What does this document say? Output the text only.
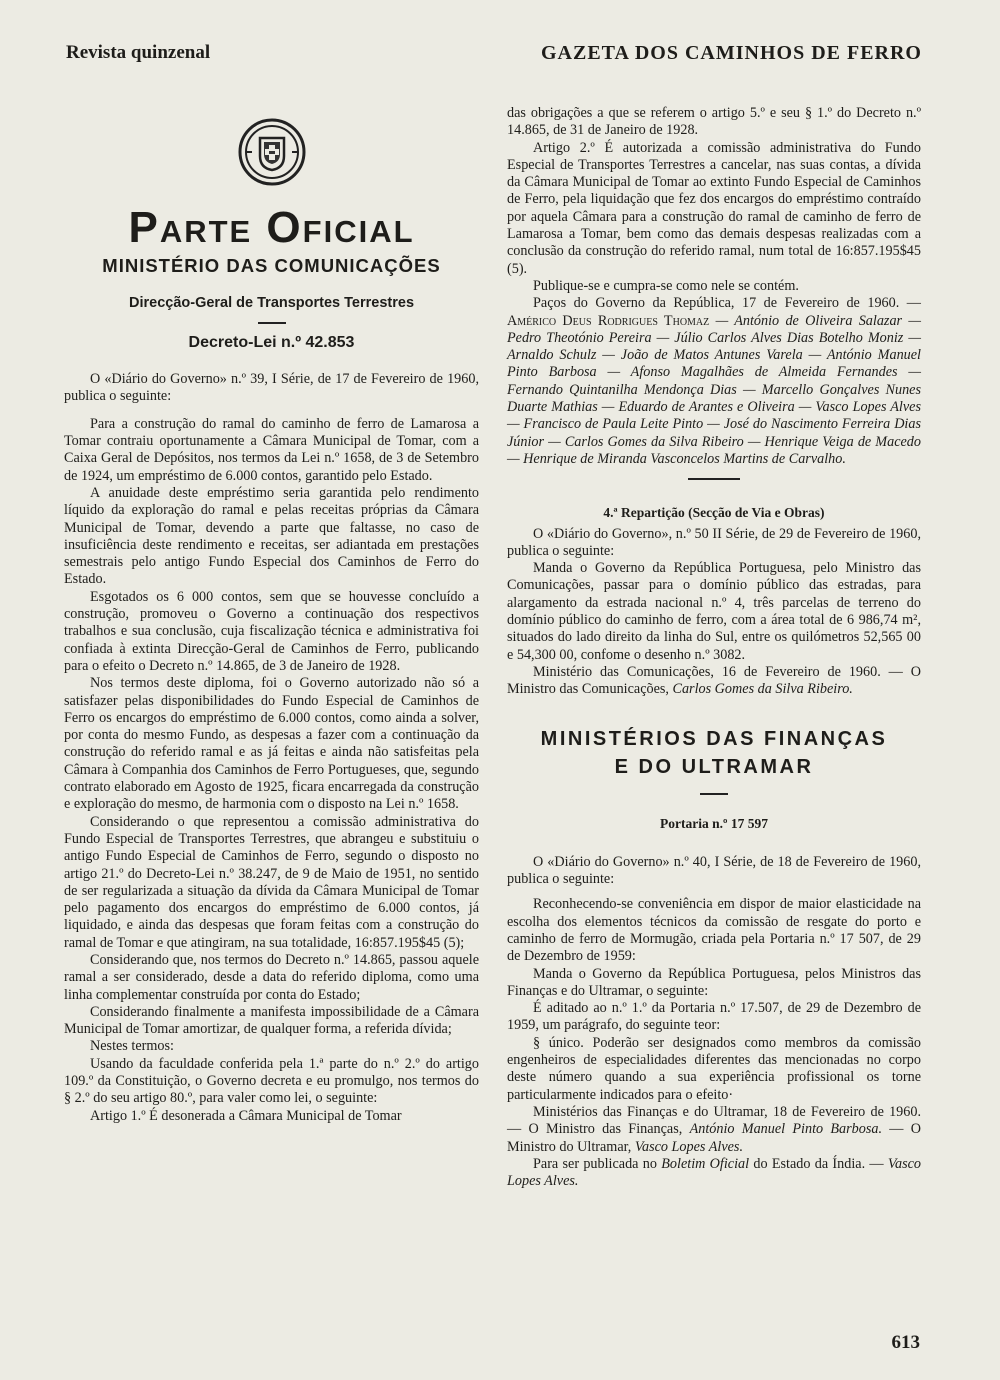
Revista quinzenal	GAZETA DOS CAMINHOS DE FERRO
Parte Oficial
MINISTÉRIO DAS COMUNICAÇÕES
Direcção-Geral de Transportes Terrestres
Decreto-Lei n.º 42.853

O «Diário do Governo» n.º 39, I Série, de 17 de Fevereiro de 1960, publica o seguinte:

Para a construção do ramal do caminho de ferro de Lamarosa a Tomar contraiu oportunamente a Câmara Municipal de Tomar, com a Caixa Geral de Depósitos, nos termos da Lei n.º 1658, de 3 de Setembro de 1924, um empréstimo de 6.000 contos, garantido pelo Estado.

A anuidade deste empréstimo seria garantida pelo rendimento líquido da exploração do ramal e pelas receitas próprias da Câmara Municipal de Tomar, devendo a parte que faltasse, no caso de insuficiência deste rendimento e receitas, ser adiantada em prestações semestrais pelo antigo Fundo Especial dos Caminhos de Ferro do Estado.

Esgotados os 6 000 contos, sem que se houvesse concluído a construção, promoveu o Governo a continuação dos respectivos trabalhos e sua conclusão, cuja fiscalização técnica e administrativa foi confiada à extinta Direcção-Geral de Caminhos de Ferro, publicando para o efeito o Decreto n.º 14.865, de 3 de Janeiro de 1928.

Nos termos deste diploma, foi o Governo autorizado não só a satisfazer pelas disponibilidades do Fundo Especial de Caminhos de Ferro os encargos do empréstimo de 6.000 contos, como ainda a solver, por conta do mesmo Fundo, as despesas a fazer com a continuação da construção do referido ramal e as já feitas e ainda não satisfeitas pela Câmara à Companhia dos Caminhos de Ferro Portugueses, que, segundo contrato elaborado em Agosto de 1925, ficara encarregada da construção e exploração do mesmo, de harmonia com o disposto na Lei n.º 1658.

Considerando o que representou a comissão administrativa do Fundo Especial de Transportes Terrestres, que abrangeu e substituiu o antigo Fundo Especial de Caminhos de Ferro, segundo o disposto no artigo 21.º do Decreto-Lei n.º 38.247, de 9 de Maio de 1951, no sentido de ser regularizada a situação da dívida da Câmara Municipal de Tomar pelo pagamento dos encargos do empréstimo de 6.000 contos, já liquidado, e ainda das despesas que foram feitas com a construção do ramal de Tomar e que atingiram, na sua totalidade, 16:857.195$45 (5);

Considerando que, nos termos do Decreto n.º 14.865, passou aquele ramal a ser considerado, desde a data do referido diploma, como uma linha complementar construída por conta do Estado;

Considerando finalmente a manifesta impossibilidade de a Câmara Municipal de Tomar amortizar, de qualquer forma, a referida dívida;

Nestes termos:

Usando da faculdade conferida pela 1.ª parte do n.º 2.º do artigo 109.º da Constituição, o Governo decreta e eu promulgo, nos termos do § 2.º do seu artigo 80.º, para valer como lei, o seguinte:

Artigo 1.º É desonerada a Câmara Municipal de Tomar

das obrigações a que se referem o artigo 5.º e seu § 1.º do Decreto n.º 14.865, de 31 de Janeiro de 1928.

Artigo 2.º É autorizada a comissão administrativa do Fundo Especial de Transportes Terrestres a cancelar, nas suas contas, a dívida da Câmara Municipal de Tomar ao extinto Fundo Especial de Caminhos de Ferro, pela liquidação que fez dos encargos do empréstimo contraído por aquela Câmara para a construção do ramal de caminho de ferro de Lamarosa a Tomar, bem como das demais despesas realizadas com a conclusão da construção do referido ramal, num total de 16:857.195$45 (5).

Publique-se e cumpra-se como nele se contém.

Paços do Governo da República, 17 de Fevereiro de 1960. — Américo Deus Rodrigues Thomaz — António de Oliveira Salazar — Pedro Theotónio Pereira — Júlio Carlos Alves Dias Botelho Moniz — Arnaldo Schulz — João de Matos Antunes Varela — António Manuel Pinto Barbosa — Afonso Magalhães de Almeida Fernandes — Fernando Quintanilha Mendonça Dias — Marcello Gonçalves Nunes Duarte Mathias — Eduardo de Arantes e Oliveira — Vasco Lopes Alves — Francisco de Paula Leite Pinto — José do Nascimento Ferreira Dias Júnior — Carlos Gomes da Silva Ribeiro — Henrique Veiga de Macedo — Henrique de Miranda Vasconcelos Martins de Carvalho.

4.ª Repartição (Secção de Via e Obras)

O «Diário do Governo», n.º 50 II Série, de 29 de Fevereiro de 1960, publica o seguinte:

Manda o Governo da República Portuguesa, pelo Ministro das Comunicações, passar para o domínio público das estradas, para alargamento da estrada nacional n.º 4, três parcelas de terreno do domínio público do caminho de ferro, com a área total de 6 986,74 m², situados do lado direito da linha do Sul, entre os quilómetros 52,565 00 e 54,300 00, confome o desenho n.º 3082.

Ministério das Comunicações, 16 de Fevereiro de 1960. — O Ministro das Comunicações, Carlos Gomes da Silva Ribeiro.

MINISTÉRIOS DAS FINANÇAS
E DO ULTRAMAR
Portaria n.º 17 597

O «Diário do Governo» n.º 40, I Série, de 18 de Fevereiro de 1960, publica o seguinte:

Reconhecendo-se conveniência em dispor de maior elasticidade na escolha dos elementos técnicos da comissão de resgate do porto e caminho de ferro de Mormugão, criada pela Portaria n.º 17 507, de 29 de Dezembro de 1959:

Manda o Governo da República Portuguesa, pelos Ministros das Finanças e do Ultramar, o seguinte:

É aditado ao n.º 1.º da Portaria n.º 17.507, de 29 de Dezembro de 1959, um parágrafo, do seguinte teor:

§ único. Poderão ser designados como membros da comissão engenheiros de especialidades diferentes das mencionadas no corpo deste número quando a sua experiência profissional os torne particularmente indicados para o efeito·

Ministérios das Finanças e do Ultramar, 18 de Fevereiro de 1960. — O Ministro das Finanças, António Manuel Pinto Barbosa. — O Ministro do Ultramar, Vasco Lopes Alves.

Para ser publicada no Boletim Oficial do Estado da Índia. — Vasco Lopes Alves.

613
